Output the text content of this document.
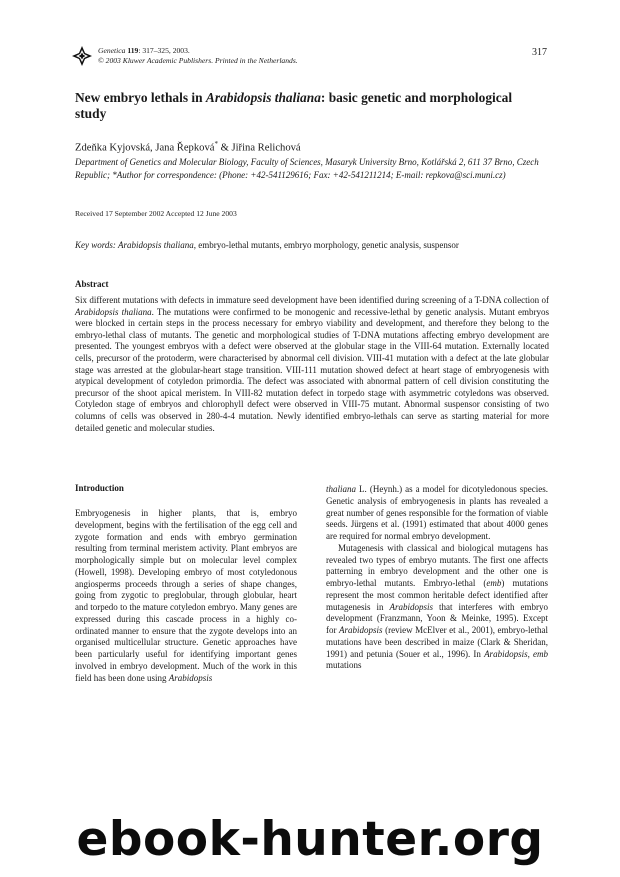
Genetica 119: 317–325, 2003.
© 2003 Kluwer Academic Publishers. Printed in the Netherlands.
317
New embryo lethals in Arabidopsis thaliana: basic genetic and morphological study

Zdeňka Kyjovská, Jana Řepková* & Jiřina Relichová

Department of Genetics and Molecular Biology, Faculty of Sciences, Masaryk University Brno, Kotlářská 2, 611 37 Brno, Czech Republic; *Author for correspondence: (Phone: +42-541129616; Fax: +42-541211214; E-mail: repkova@sci.muni.cz)

Received 17 September 2002 Accepted 12 June 2003

Key words: Arabidopsis thaliana, embryo-lethal mutants, embryo morphology, genetic analysis, suspensor

Abstract

Six different mutations with defects in immature seed development have been identified during screening of a T-DNA collection of Arabidopsis thaliana. The mutations were confirmed to be monogenic and recessive-lethal by genetic analysis. Mutant embryos were blocked in certain steps in the process necessary for embryo viability and development, and therefore they belong to the embryo-lethal class of mutants. The genetic and morphological studies of T-DNA mutations affecting embryo development are presented. The youngest embryos with a defect were observed at the globular stage in the VIII-64 mutation. Externally located cells, precursor of the protoderm, were characterised by abnormal cell division. VIII-41 mutation with a defect at the late globular stage was arrested at the globular-heart stage transition. VIII-111 mutation showed defect at heart stage of embryogenesis with atypical development of cotyledon primordia. The defect was associated with abnormal pattern of cell division constituting the precursor of the shoot apical meristem. In VIII-82 mutation defect in torpedo stage with asymmetric cotyledons was observed. Cotyledon stage of embryos and chlorophyll defect were observed in VIII-75 mutant. Abnormal suspensor consisting of two columns of cells was observed in 280-4-4 mutation. Newly identified embryo-lethals can serve as starting material for more detailed genetic and molecular studies.

Introduction

Embryogenesis in higher plants, that is, embryo development, begins with the fertilisation of the egg cell and zygote formation and ends with embryo germination resulting from terminal meristem activity. Plant embryos are morphologically simple but on molecular level complex (Howell, 1998). Developing embryo of most cotyledonous angiosperms proceeds through a series of shape changes, going from zygotic to preglobular, through globular, heart and torpedo to the mature cotyledon embryo. Many genes are expressed during this cascade process in a highly co-ordinated manner to ensure that the zygote develops into an organised multicellular structure. Genetic approaches have been particularly useful for identifying important genes involved in embryo development. Much of the work in this field has been done using Arabidopsis

thaliana L. (Heynh.) as a model for dicotyledonous species. Genetic analysis of embryogenesis in plants has revealed a great number of genes responsible for the formation of viable seeds. Jürgens et al. (1991) estimated that about 4000 genes are required for normal embryo development.

Mutagenesis with classical and biological mutagens has revealed two types of embryo mutants. The first one affects patterning in embryo development and the other one is embryo-lethal mutants. Embryo-lethal (emb) mutations represent the most common heritable defect identified after mutagenesis in Arabidopsis that interferes with embryo development (Franzmann, Yoon & Meinke, 1995). Except for Arabidopsis (review McElver et al., 2001), embryo-lethal mutations have been described in maize (Clark & Sheridan, 1991) and petunia (Souer et al., 1996). In Arabidopsis, emb mutations

ebook-hunter.org
